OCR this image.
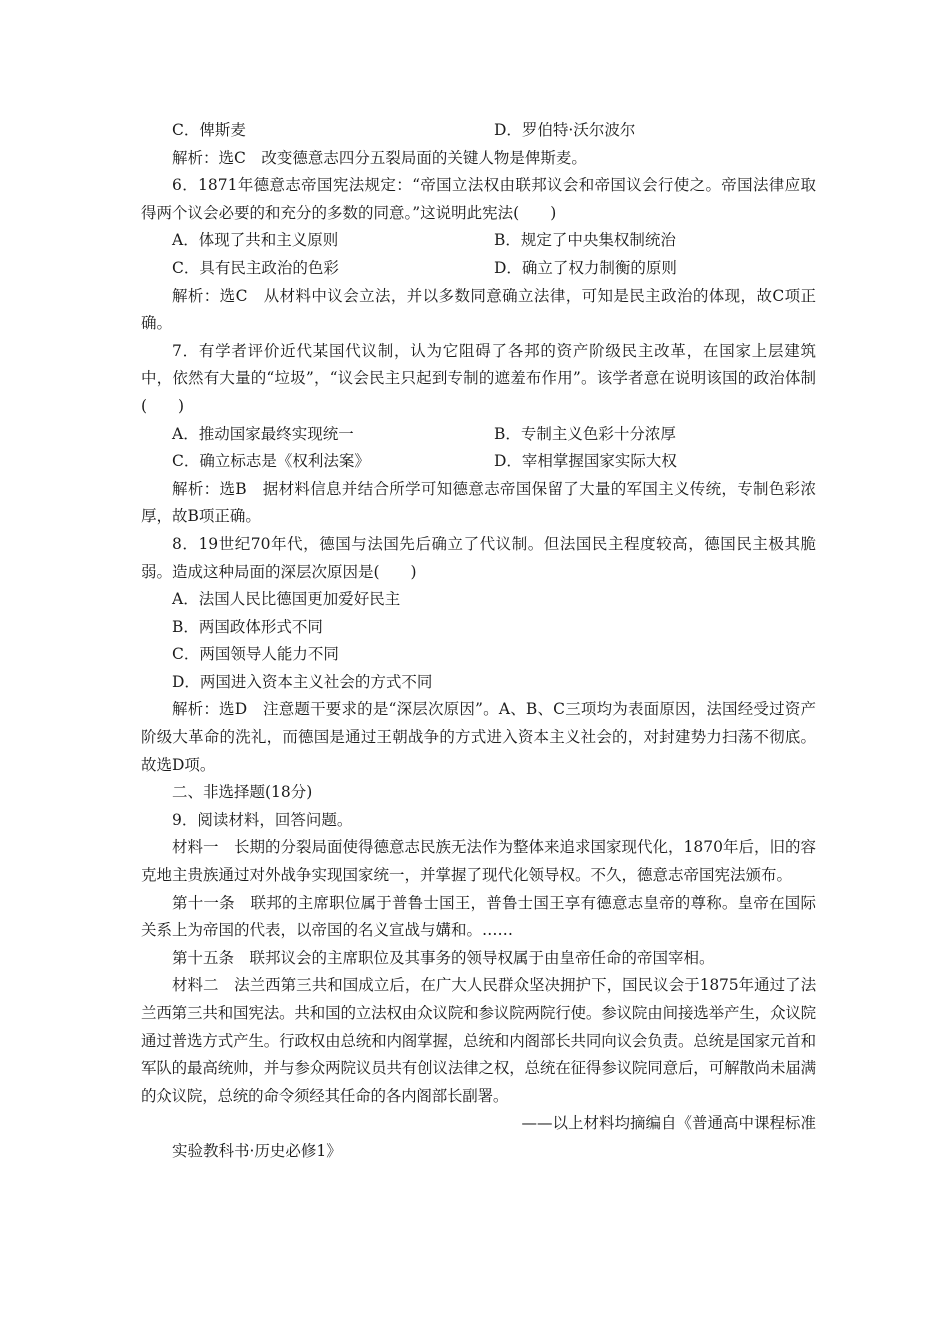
C．俾斯麦	D．罗伯特·沃尔波尔
解析：选C　改变德意志四分五裂局面的关键人物是俾斯麦。
6．1871年德意志帝国宪法规定：“帝国立法权由联邦议会和帝国议会行使之。帝国法律应取得两个议会必要的和充分的多数的同意。”这说明此宪法(　　)
A．体现了共和主义原则	B．规定了中央集权制统治
C．具有民主政治的色彩	D．确立了权力制衡的原则
解析：选C　从材料中议会立法，并以多数同意确立法律，可知是民主政治的体现，故C项正确。
7．有学者评价近代某国代议制，认为它阻碍了各邦的资产阶级民主改革，在国家上层建筑中，依然有大量的“垃圾”，“议会民主只起到专制的遮羞布作用”。该学者意在说明该国的政治体制(　　)
A．推动国家最终实现统一	B．专制主义色彩十分浓厚
C．确立标志是《权利法案》	D．宰相掌握国家实际大权
解析：选B　据材料信息并结合所学可知德意志帝国保留了大量的军国主义传统，专制色彩浓厚，故B项正确。
8．19世纪70年代，德国与法国先后确立了代议制。但法国民主程度较高，德国民主极其脆弱。造成这种局面的深层次原因是(　　)
A．法国人民比德国更加爱好民主
B．两国政体形式不同
C．两国领导人能力不同
D．两国进入资本主义社会的方式不同
解析：选D　注意题干要求的是“深层次原因”。A、B、C三项均为表面原因，法国经受过资产阶级大革命的洗礼，而德国是通过王朝战争的方式进入资本主义社会的，对封建势力扫荡不彻底。故选D项。
二、非选择题(18分)
9．阅读材料，回答问题。
材料一　长期的分裂局面使得德意志民族无法作为整体来追求国家现代化，1870年后，旧的容克地主贵族通过对外战争实现国家统一，并掌握了现代化领导权。不久，德意志帝国宪法颁布。
第十一条　联邦的主席职位属于普鲁士国王，普鲁士国王享有德意志皇帝的尊称。皇帝在国际关系上为帝国的代表，以帝国的名义宣战与媾和。……
第十五条　联邦议会的主席职位及其事务的领导权属于由皇帝任命的帝国宰相。
材料二　法兰西第三共和国成立后，在广大人民群众坚决拥护下，国民议会于1875年通过了法兰西第三共和国宪法。共和国的立法权由众议院和参议院两院行使。参议院由间接选举产生，众议院通过普选方式产生。行政权由总统和内阁掌握，总统和内阁部长共同向议会负责。总统是国家元首和军队的最高统帅，并与参众两院议员共有创议法律之权，总统在征得参议院同意后，可解散尚未届满的众议院，总统的命令须经其任命的各内阁部长副署。
——以上材料均摘编自《普通高中课程标准
实验教科书·历史必修1》
